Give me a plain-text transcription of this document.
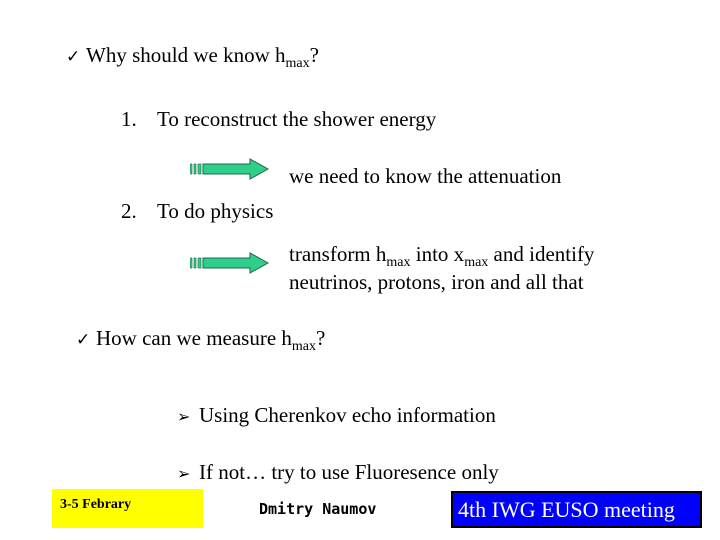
✓ Why should we know $h_{max}$?
1. To reconstruct the shower energy
we need to know the attenuation
2. To do physics
transform $h_{max}$ into $x_{max}$ and identify
neutrinos, protons, iron and all that
✓ How can we measure $h_{max}$?
➢ Using Cherenkov echo information
➢ If not… try to use Fluoresence only
3-5 Febrary	Dmitry Naumov	4th IWG EUSO meeting
